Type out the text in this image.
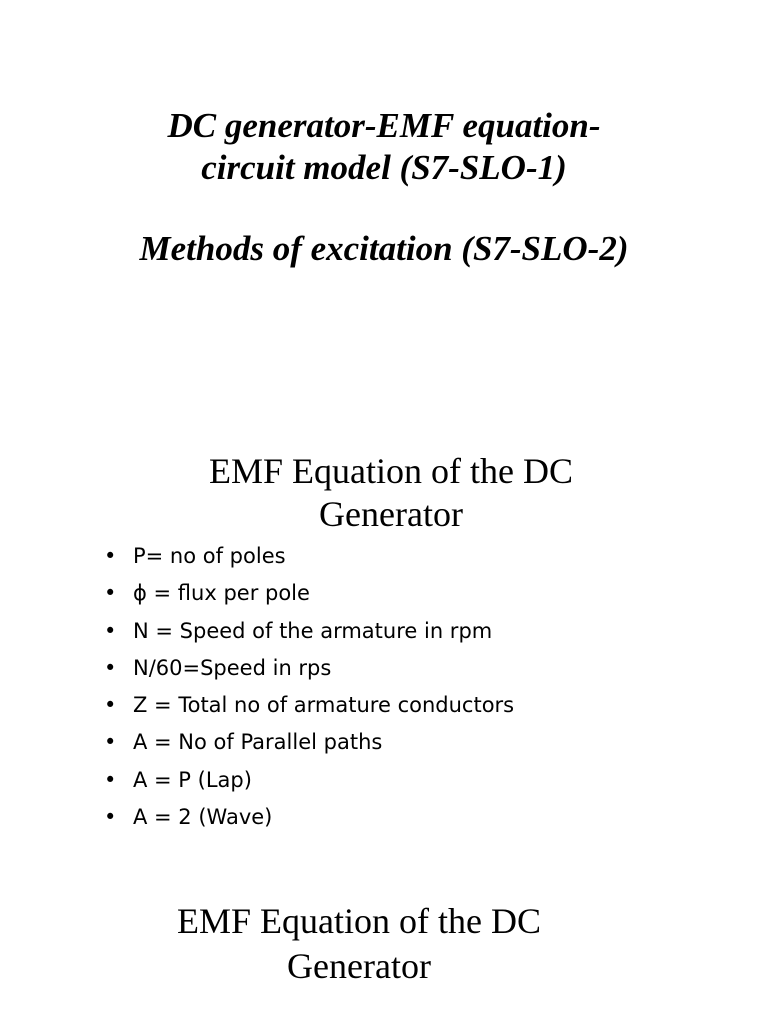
DC generator-EMF equation-
circuit model (S7-SLO-1)
Methods of excitation (S7-SLO-2)
EMF Equation of the DC
Generator
• P= no of poles
• ϕ = flux per pole
• N = Speed of the armature in rpm
• N/60=Speed in rps
• Z = Total no of armature conductors
• A = No of Parallel paths
• A = P (Lap)
• A = 2 (Wave)
EMF Equation of the DC
Generator
